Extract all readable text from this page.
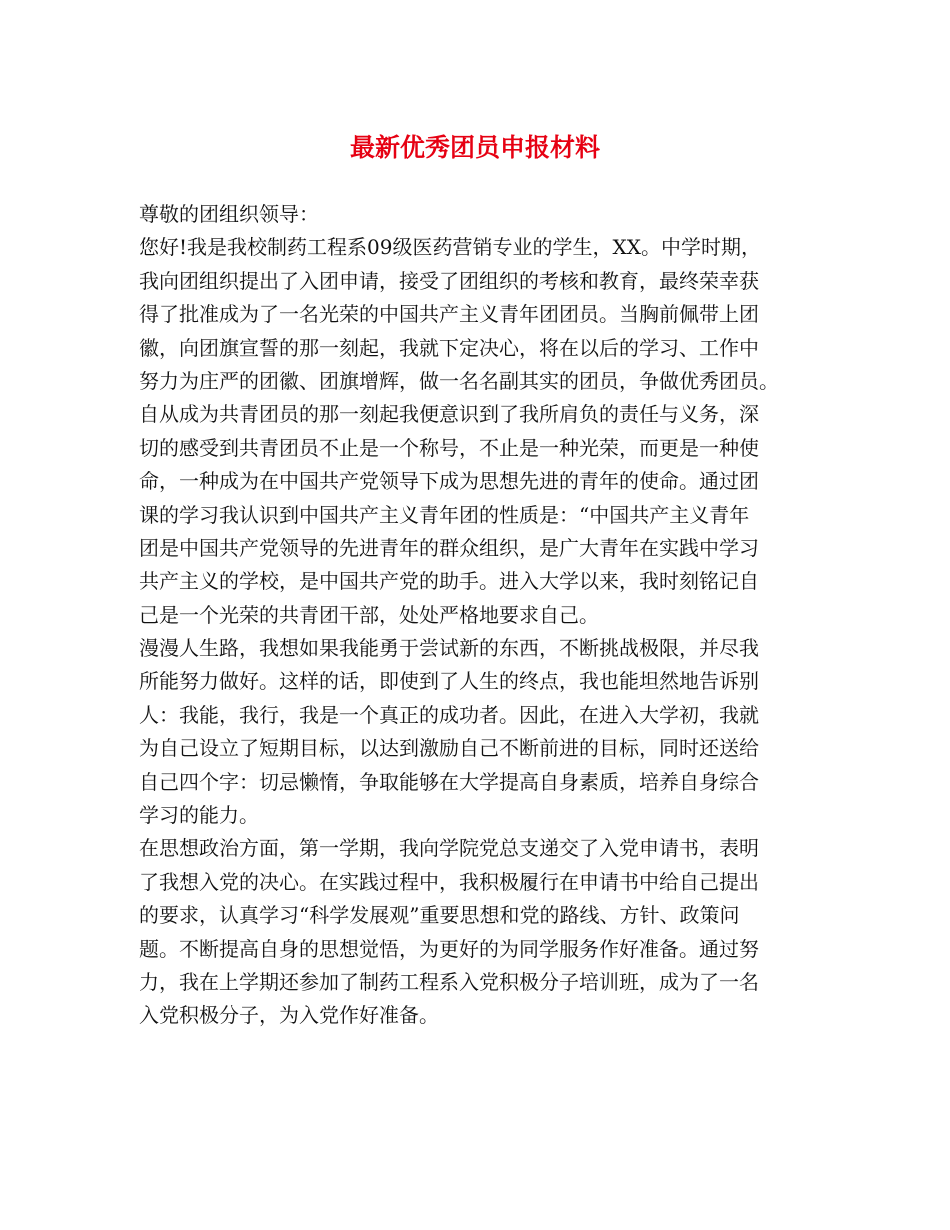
最新优秀团员申报材料
尊敬的团组织领导：
您好!我是我校制药工程系09级医药营销专业的学生，XX。中学时期，
我向团组织提出了入团申请，接受了团组织的考核和教育，最终荣幸获
得了批准成为了一名光荣的中国共产主义青年团团员。当胸前佩带上团
徽，向团旗宣誓的那一刻起，我就下定决心，将在以后的学习、工作中
努力为庄严的团徽、团旗增辉，做一名名副其实的团员，争做优秀团员。
自从成为共青团员的那一刻起我便意识到了我所肩负的责任与义务，深
切的感受到共青团员不止是一个称号，不止是一种光荣，而更是一种使
命，一种成为在中国共产党领导下成为思想先进的青年的使命。通过团
课的学习我认识到中国共产主义青年团的性质是：“中国共产主义青年
团是中国共产党领导的先进青年的群众组织，是广大青年在实践中学习
共产主义的学校，是中国共产党的助手。进入大学以来，我时刻铭记自
己是一个光荣的共青团干部，处处严格地要求自己。
漫漫人生路，我想如果我能勇于尝试新的东西，不断挑战极限，并尽我
所能努力做好。这样的话，即使到了人生的终点，我也能坦然地告诉别
人：我能，我行，我是一个真正的成功者。因此，在进入大学初，我就
为自己设立了短期目标，以达到激励自己不断前进的目标，同时还送给
自己四个字：切忌懒惰，争取能够在大学提高自身素质，培养自身综合
学习的能力。
在思想政治方面，第一学期，我向学院党总支递交了入党申请书，表明
了我想入党的决心。在实践过程中，我积极履行在申请书中给自己提出
的要求，认真学习“科学发展观”重要思想和党的路线、方针、政策问
题。不断提高自身的思想觉悟，为更好的为同学服务作好准备。通过努
力，我在上学期还参加了制药工程系入党积极分子培训班，成为了一名
入党积极分子，为入党作好准备。
